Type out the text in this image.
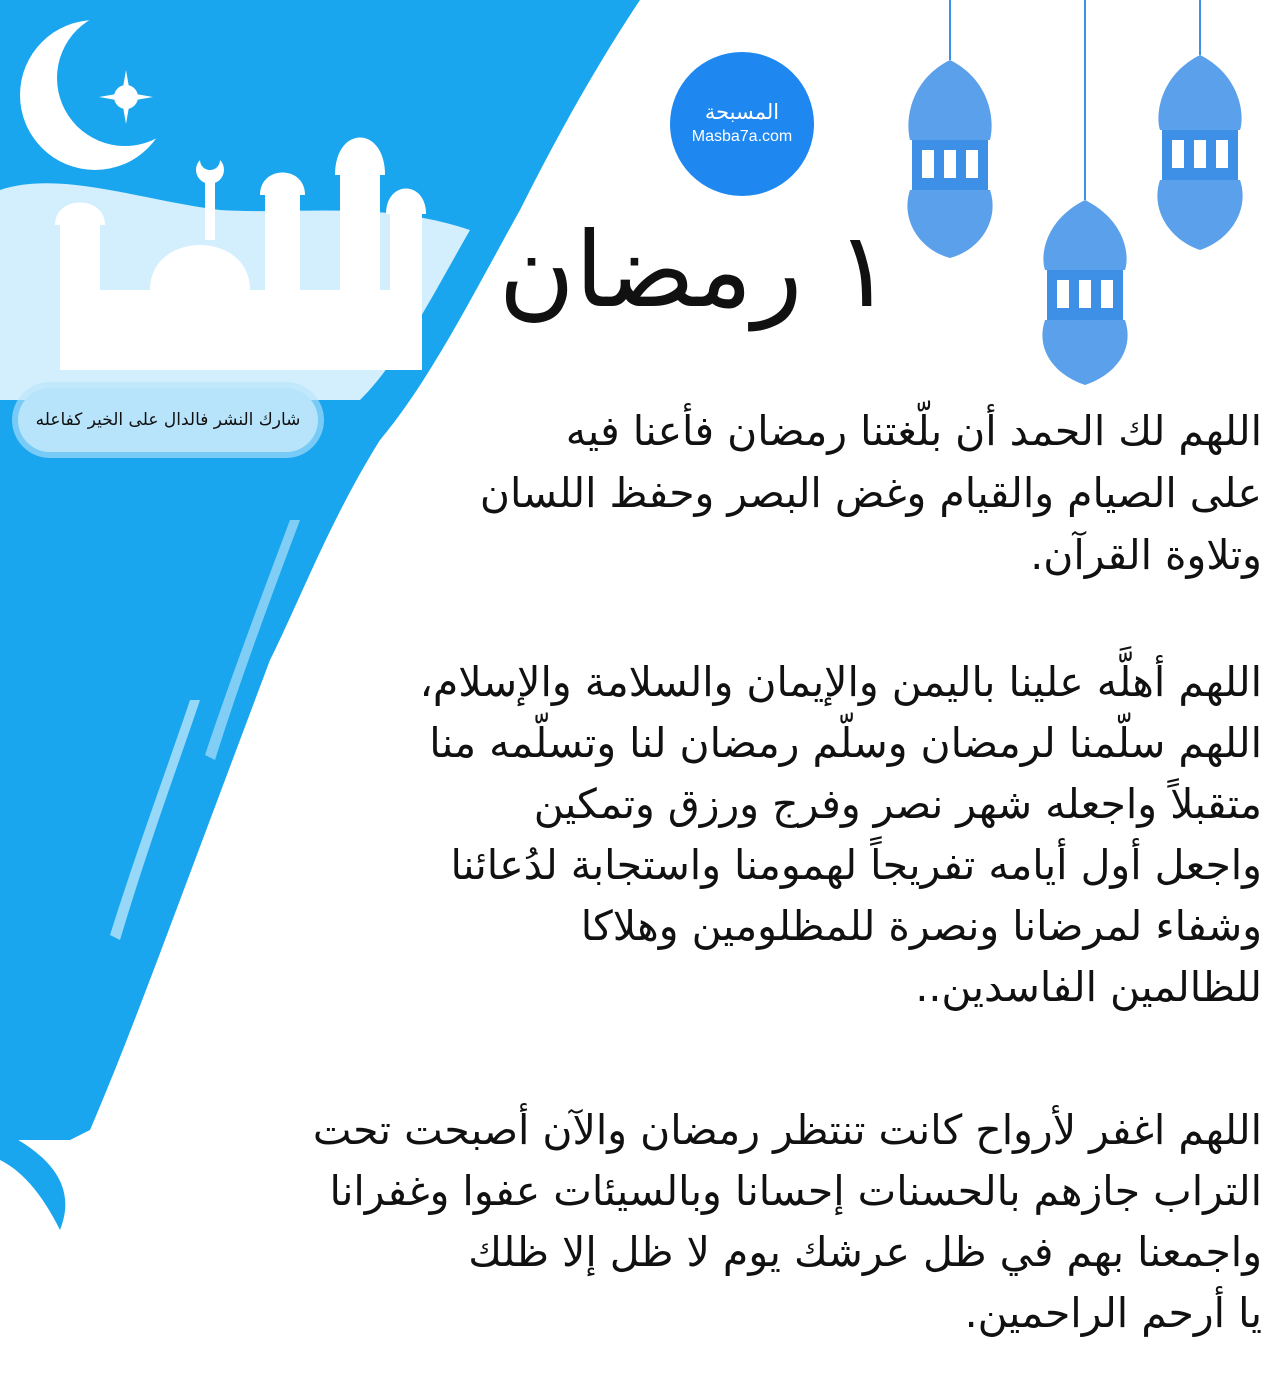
المسبحة
Masba7a.com
١ رمضان
شارك النشر فالدال على الخير كفاعله	اللهم لك الحمد أن بلّغتنا رمضان فأعنا فيه
على الصيام والقيام وغض البصر وحفظ اللسان
وتلاوة القرآن.
اللهم أهلَّه علينا باليمن والإيمان والسلامة والإسلام،
اللهم سلّمنا لرمضان وسلّم رمضان لنا وتسلّمه منا
متقبلاً واجعله شهر نصر وفرج ورزق وتمكين
واجعل أول أيامه تفريجاً لهمومنا واستجابة لدُعائنا
وشفاء لمرضانا ونصرة للمظلومين وهلاكا
للظالمين الفاسدين..
اللهم اغفر لأرواح كانت تنتظر رمضان والآن أصبحت تحت
التراب جازهم بالحسنات إحسانا وبالسيئات عفوا وغفرانا
واجمعنا بهم في ظل عرشك يوم لا ظل إلا ظلك
يا أرحم الراحمين.
